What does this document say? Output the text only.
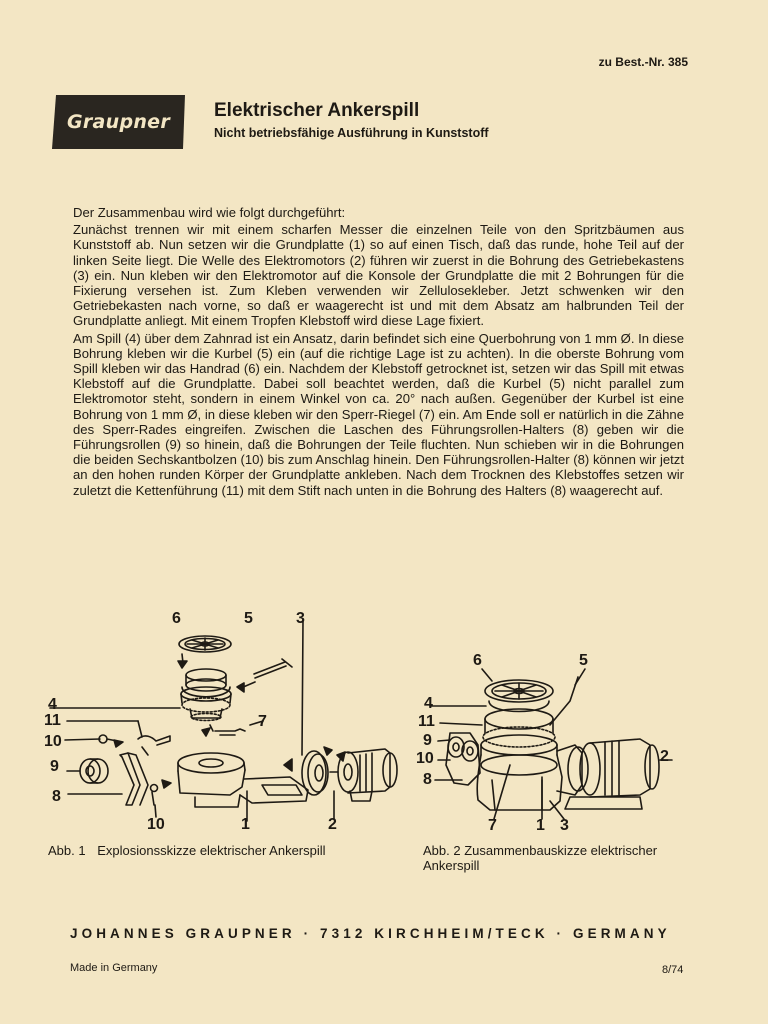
zu Best.-Nr. 385
Graupner
Elektrischer Ankerspill
Nicht betriebsfähige Ausführung in Kunststoff

Der Zusammenbau wird wie folgt durchgeführt:

Zunächst trennen wir mit einem scharfen Messer die einzelnen Teile von den Spritzbäumen aus Kunststoff ab. Nun setzen wir die Grundplatte (1) so auf einen Tisch, daß das runde, hohe Teil auf der linken Seite liegt. Die Welle des Elektromotors (2) führen wir zuerst in die Bohrung des Getriebekastens (3) ein. Nun kleben wir den Elektromotor auf die Konsole der Grundplatte die mit 2 Bohrungen für die Fixierung versehen ist. Zum Kleben verwenden wir Zellulosekleber. Jetzt schwenken wir den Getriebekasten nach vorne, so daß er waagerecht ist und mit dem Absatz am halbrunden Teil der Grundplatte anliegt. Mit einem Tropfen Klebstoff wird diese Lage fixiert.

Am Spill (4) über dem Zahnrad ist ein Ansatz, darin befindet sich eine Querbohrung von 1 mm Ø. In diese Bohrung kleben wir die Kurbel (5) ein (auf die richtige Lage ist zu achten). In die oberste Bohrung vom Spill kleben wir das Handrad (6) ein. Nachdem der Klebstoff getrocknet ist, setzen wir das Spill mit etwas Klebstoff auf die Grundplatte. Dabei soll beachtet werden, daß die Kurbel (5) nicht parallel zum Elektromotor steht, sondern in einem Winkel von ca. 20° nach außen. Gegenüber der Kurbel ist eine Bohrung von 1 mm Ø, in diese kleben wir den Sperr-Riegel (7) ein. Am Ende soll er natürlich in die Zähne des Sperr-Rades eingreifen. Zwischen die Laschen des Führungsrollen-Halters (8) geben wir die Führungsrollen (9) so hinein, daß die Bohrungen der Teile fluchten. Nun schieben wir in die Bohrungen die beiden Sechskantbolzen (10) bis zum Anschlag hinein. Den Führungsrollen-Halter (8) können wir jetzt an den hohen runden Körper der Grundplatte ankleben. Nach dem Trocknen des Klebstoffes setzen wir zuletzt die Kettenführung (11) mit dem Stift nach unten in die Bohrung des Halters (8) waagerecht auf.

6	5	3
4
11	7
10
9
8
10	1	2
6	5
4
11
9
10
8
2
7 1 3
Abb. 1 Explosionsskizze elektrischer Ankerspill	Abb. 2 Zusammenbauskizze elektrischer Ankerspill
JOHANNES GRAUPNER · 7312 KIRCHHEIM/TECK · GERMANY
Made in Germany	8/74
